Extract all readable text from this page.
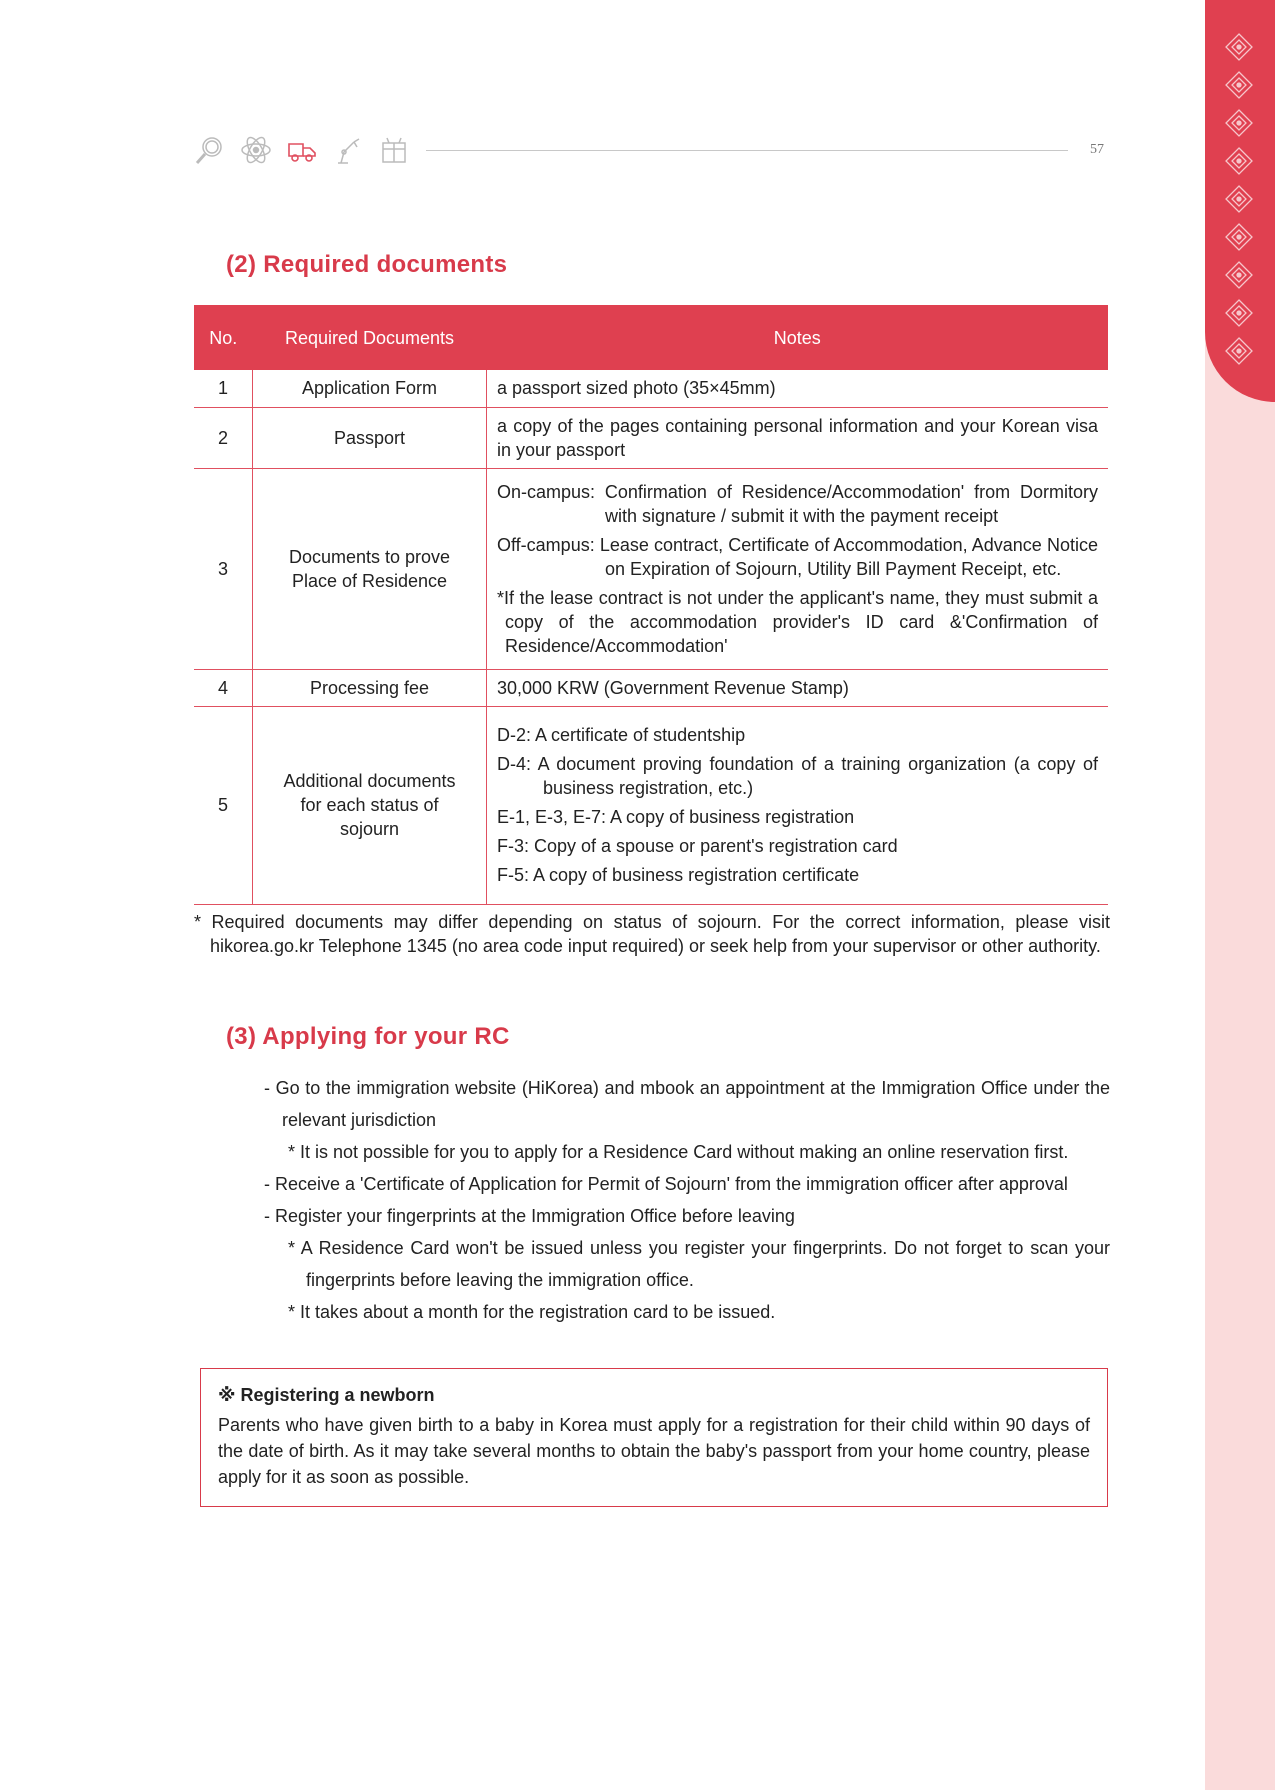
57
(2) Required documents
No.	Required Documents	Notes
1	Application Form	a passport sized photo (35×45mm)

2	Passport	a copy of the pages containing personal information and your Korean visa in your passport

3	Documents to prove Place of Residence	On-campus: Confirmation of Residence/Accommodation' from Dormitory with signature / submit it with the payment receipt
Off-campus: Lease contract, Certificate of Accommodation, Advance Notice on Expiration of Sojourn, Utility Bill Payment Receipt, etc.
*If the lease contract is not under the applicant's name, they must submit a copy of the accommodation provider's ID card &'Confirmation of Residence/Accommodation'

4	Processing fee	30,000 KRW (Government Revenue Stamp)

5	Additional documents for each status of sojourn	D-2: A certificate of studentship
D-4: A document proving foundation of a training organization (a copy of business registration, etc.)
E-1, E-3, E-7: A copy of business registration
F-3: Copy of a spouse or parent's registration card
F-5: A copy of business registration certificate
* Required documents may differ depending on status of sojourn. For the correct information, please visit hikorea.go.kr Telephone 1345 (no area code input required) or seek help from your supervisor or other authority.
(3) Applying for your RC

- Go to the immigration website (HiKorea) and mbook an appointment at the Immigration Office under the relevant jurisdiction

* It is not possible for you to apply for a Residence Card without making an online reservation first.

- Receive a 'Certificate of Application for Permit of Sojourn' from the immigration officer after approval

- Register your fingerprints at the Immigration Office before leaving

* A Residence Card won't be issued unless you register your fingerprints. Do not forget to scan your fingerprints before leaving the immigration office.

* It takes about a month for the registration card to be issued.

※ Registering a newborn
Parents who have given birth to a baby in Korea must apply for a registration for their child within 90 days of the date of birth. As it may take several months to obtain the baby's passport from your home country, please apply for it as soon as possible.
